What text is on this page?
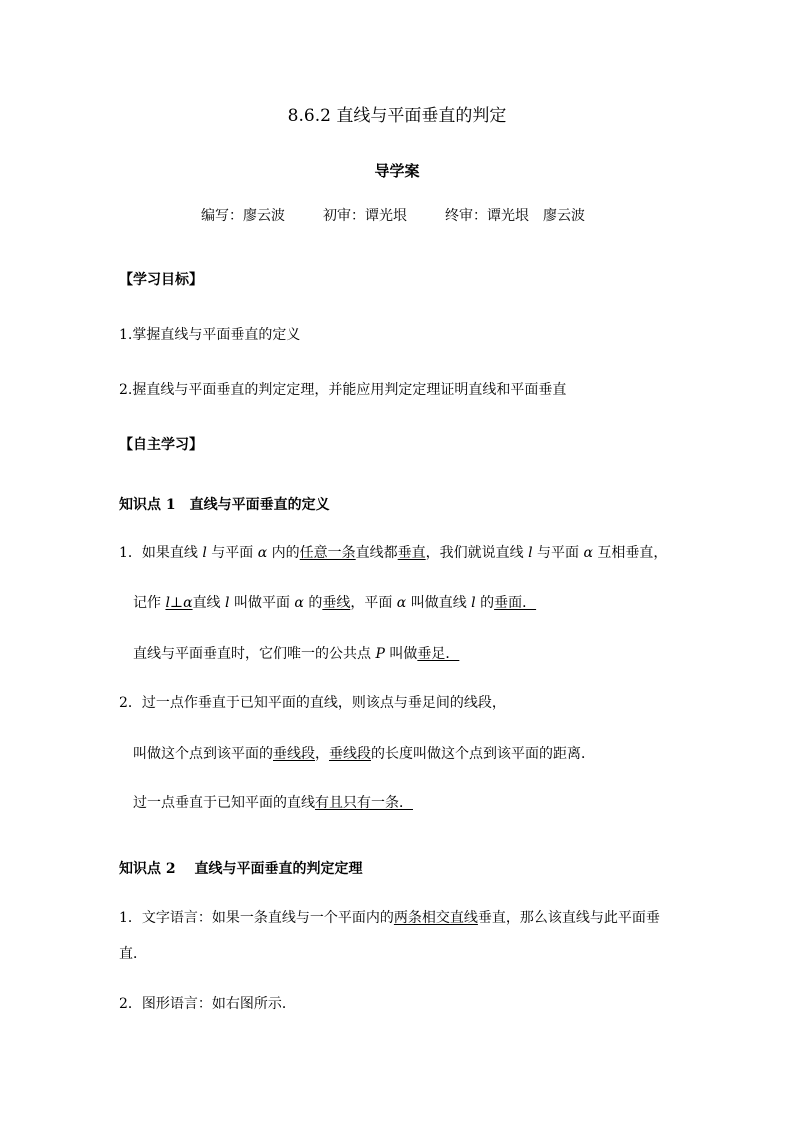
8.6.2 直线与平面垂直的判定
导学案
编写：廖云波	初审：谭光垠	终审：谭光垠　廖云波
【学习目标】
1.掌握直线与平面垂直的定义
2.握直线与平面垂直的判定定理，并能应用判定定理证明直线和平面垂直
【自主学习】
知识点 1　直线与平面垂直的定义
1．如果直线 l 与平面 α 内的任意一条直线都垂直，我们就说直线 l 与平面 α 互相垂直，
记作 l⊥α直线 l 叫做平面 α 的垂线，平面 α 叫做直线 l 的垂面．
直线与平面垂直时，它们唯一的公共点 P 叫做垂足．
2．过一点作垂直于已知平面的直线，则该点与垂足间的线段，
叫做这个点到该平面的垂线段，垂线段的长度叫做这个点到该平面的距离．
过一点垂直于已知平面的直线有且只有一条．
知识点 2　 直线与平面垂直的判定定理
1．文字语言：如果一条直线与一个平面内的两条相交直线垂直，那么该直线与此平面垂
直．
2．图形语言：如右图所示．
